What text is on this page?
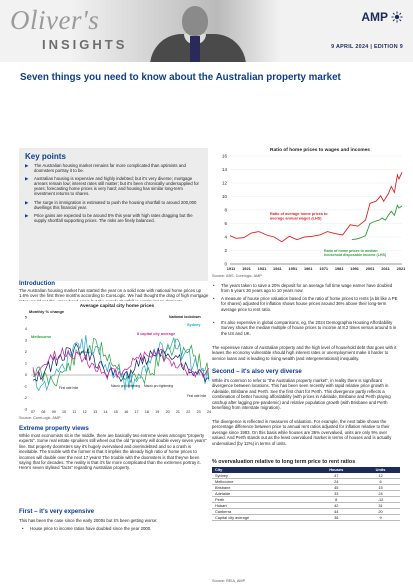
Oliver's
INSIGHTS
AMP
9 APRIL 2024 | EDITION 9
Seven things you need to know about the Australian property market
Key points
▶ The Australian housing market remains far more complicated than optimists and doomsters portray it to be.
▶ Australian housing is expensive and highly indebted; but it's very diverse; mortgage arrears remain low; interest rates still matter; but it's been chronically undersupplied for years; forecasting home prices is very hard; and housing has similar long-term investment returns to shares.
▶ The surge in immigration is estimated to push the housing shortfall to around 200,000 dwellings this financial year.
▶ Price gains are expected to be around 5% this year with high rates dragging but the supply shortfall supporting prices. The risks are finely balanced.
Introduction
The Australian housing market has started the year on a solid note with national home prices up 1.6% over the first three months according to CoreLogic. We had thought the drag of high mortgage
Average capital city home prices
Monthly % change
5
4
3
2
1
0
-1
-2
-3
07 08 09 10 11 12 13 14 15 16 17 18 19 20 21 22 23 24
Melbourne
National lockdown
Sydney
8 capital city average
First rate hike	Macro pru tightening Macro pru tightening
First rate hike
Source: CoreLogic, AMP
Extreme property views
While most economists sit in the middle, there are basically two extreme views amongst "property experts". Some real estate spruikers still wheel out the old "property will double every seven years" line. But property doomsters say it's hugely overvalued and overindebted and so a crash is inevitable. The trouble with the former is that it implies the already high ratio of home prices to incomes will double over the next 17 years! The trouble with the doomsters is that they've been saying that for decades. The reality is that it's far more complicated than the extremes portray it. Here's seven stylised "facts" regarding Australian property.
First – it's very expensive
This has been the case since the early 2000s but it's been getting worse:
• House price to income ratios have doubled since the year 2000.
Ratio of home prices to wages and incomes
16
14
12
10
8
6
4
2
0
1911 1921 1931 1941 1951 1961 1971 1981 1991 2001 2011 2021
Ratio of average home prices to average annual wages (LHS)
Ratio of home prices to median household disposable income (LHS)
Source: ABS, Corelogic, AMP
• The years taken to save a 20% deposit for an average full time wage earner have doubled from 5 years 30 years ago to 10 years now.
• A measure of house price valuation based on the ratio of home prices to rents (a bit like a PE for shares) adjusted for inflation shows house prices around 36% above their long-term average price to rent ratio.
• It's also expensive in global comparisons, eg, the 2024 Demographia Housing Affordability Survey shows the median multiple of house prices to income at 8.2 times versus around 5 in the US and UK.
The expensive nature of Australian property and the high level of household debt that goes with it leaves the economy vulnerable should high interest rates or unemployment make it harder to service loans and is leading to rising wealth (and intergenerational) inequality.
Second – it's also very diverse
While it's common to refer to "the Australian property market", in reality there is significant divergence between locations. This has been seen recently with rapid relative price growth in Adelaide, Brisbane and Perth. See the first chart for Perth. This divergence partly reflects a combination of better housing affordability (with prices in Adelaide, Brisbane and Perth playing catchup after lagging pre-pandemic) and relative population growth (with Brisbane and Perth benefiting from interstate migration).
The divergence is reflected in measures of valuation. For example, the next table shows the percentage difference between price to annual rent ratios adjusted for inflation relative to their average since 1983. On this basis while houses are 36% overvalued, units are only 9% over valued. And Perth stands out as the least overvalued market in terms of houses and is actually undervalued (by 12%) in terms of units.
% overvaluation relative to long term price to rent ratios
City	Houses	Units
Sydney	47	12
Melbourne	24	6
Brisbane	45	15
Adelaide	33	24
Perth	8	-12
Hobart	42	31
Canberra	44	20
Capital city average	36	9
Source: REIA, AMP
